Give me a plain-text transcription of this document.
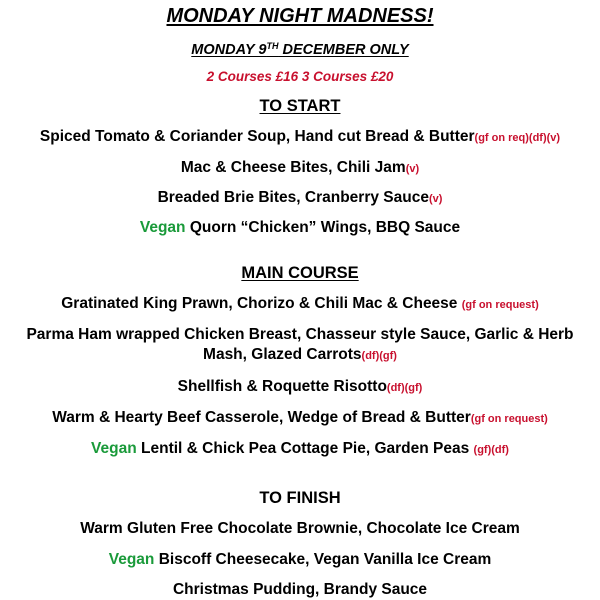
MONDAY NIGHT MADNESS!
MONDAY 9TH DECEMBER ONLY
2 Courses £16 3 Courses £20
TO START
Spiced Tomato & Coriander Soup, Hand cut Bread & Butter(gf on req)(df)(v)
Mac & Cheese Bites, Chili Jam(v)
Breaded Brie Bites, Cranberry Sauce(v)
Vegan Quorn “Chicken” Wings, BBQ Sauce
MAIN COURSE
Gratinated King Prawn, Chorizo & Chili Mac & Cheese (gf on request)
Parma Ham wrapped Chicken Breast, Chasseur style Sauce, Garlic & Herb Mash, Glazed Carrots(df)(gf)
Shellfish & Roquette Risotto(df)(gf)
Warm & Hearty Beef Casserole, Wedge of Bread & Butter(gf on request)
Vegan Lentil & Chick Pea Cottage Pie, Garden Peas (gf)(df)
TO FINISH
Warm Gluten Free Chocolate Brownie, Chocolate Ice Cream
Vegan Biscoff Cheesecake, Vegan Vanilla Ice Cream
Christmas Pudding, Brandy Sauce
